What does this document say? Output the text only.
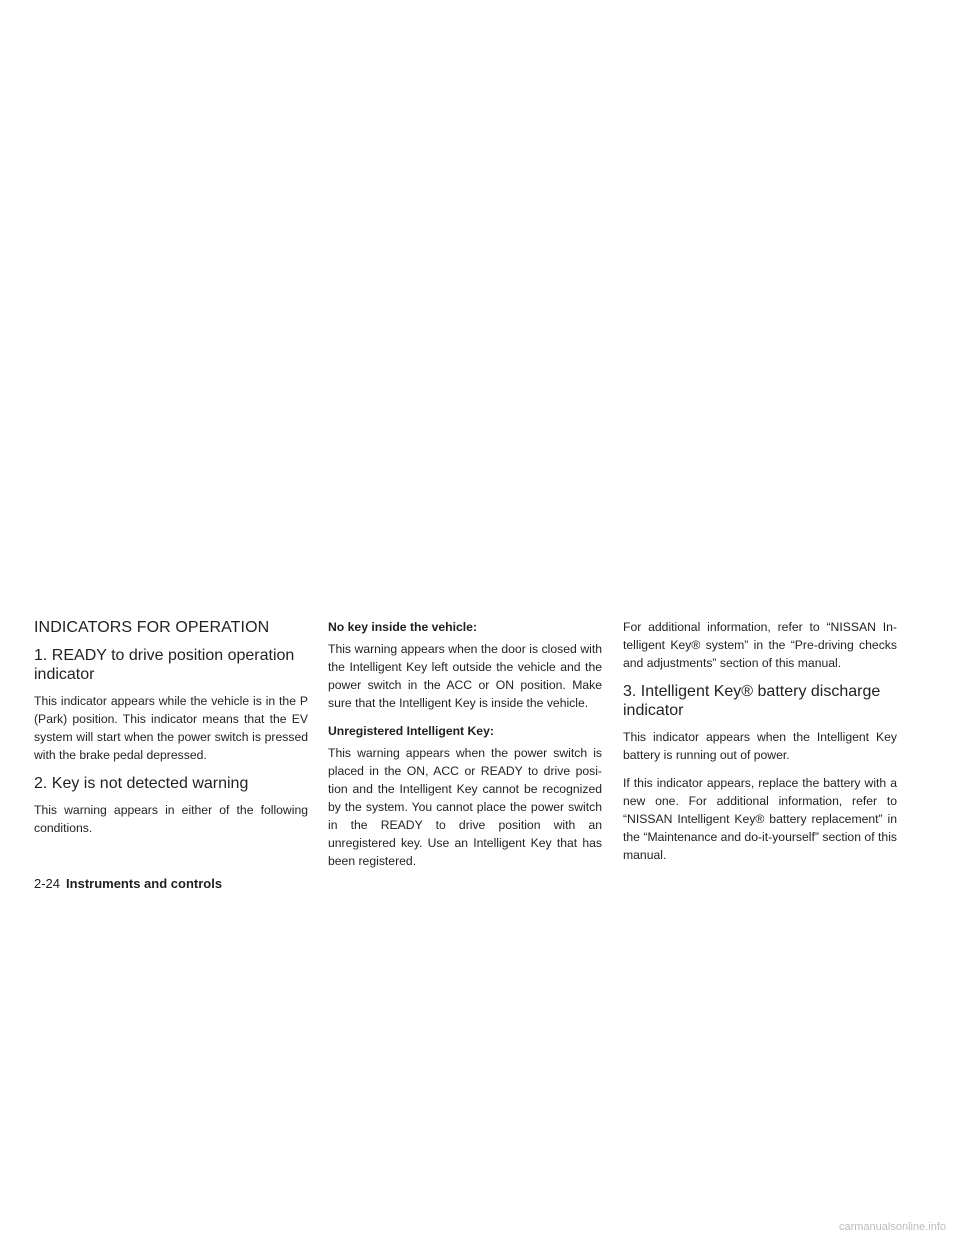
INDICATORS FOR OPERATION
1. READY to drive position operation indicator
This indicator appears while the vehicle is in the P (Park) position. This indicator means that the EV system will start when the power switch is pressed with the brake pedal depressed.
2. Key is not detected warning
This warning appears in either of the following conditions.
No key inside the vehicle:
This warning appears when the door is closed with the Intelligent Key left outside the vehicle and the power switch in the ACC or ON position. Make sure that the Intelligent Key is inside the vehicle.
Unregistered Intelligent Key:
This warning appears when the power switch is placed in the ON, ACC or READY to drive posi-tion and the Intelligent Key cannot be recognized by the system. You cannot place the power switch in the READY to drive position with an unregistered key. Use an Intelligent Key that has been registered.
For additional information, refer to “NISSAN In-telligent Key® system” in the “Pre-driving checks and adjustments” section of this manual.
3. Intelligent Key® battery discharge indicator
This indicator appears when the Intelligent Key battery is running out of power.
If this indicator appears, replace the battery with a new one. For additional information, refer to “NISSAN Intelligent Key® battery replacement” in the “Maintenance and do-it-yourself” section of this manual.
2-24 Instruments and controls
carmanualsonline.info
